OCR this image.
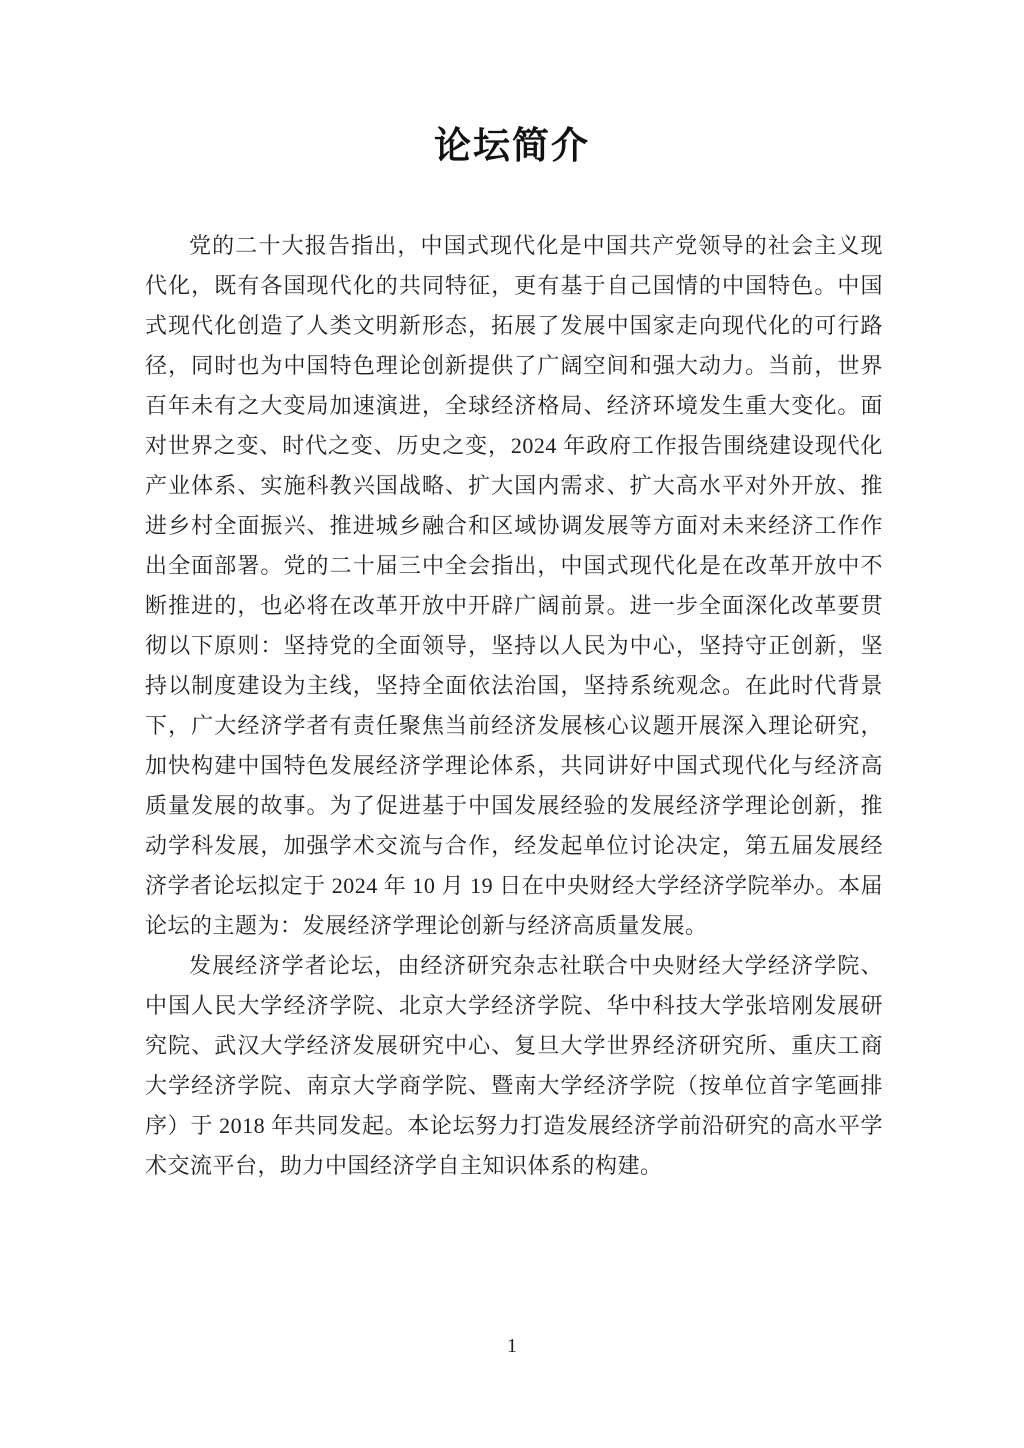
论坛简介

党的二十大报告指出，中国式现代化是中国共产党领导的社会主义现代化，既有各国现代化的共同特征，更有基于自己国情的中国特色。中国式现代化创造了人类文明新形态，拓展了发展中国家走向现代化的可行路径，同时也为中国特色理论创新提供了广阔空间和强大动力。当前，世界百年未有之大变局加速演进，全球经济格局、经济环境发生重大变化。面对世界之变、时代之变、历史之变，2024 年政府工作报告围绕建设现代化产业体系、实施科教兴国战略、扩大国内需求、扩大高水平对外开放、推进乡村全面振兴、推进城乡融合和区域协调发展等方面对未来经济工作作出全面部署。党的二十届三中全会指出，中国式现代化是在改革开放中不断推进的，也必将在改革开放中开辟广阔前景。进一步全面深化改革要贯彻以下原则：坚持党的全面领导，坚持以人民为中心，坚持守正创新，坚持以制度建设为主线，坚持全面依法治国，坚持系统观念。在此时代背景下，广大经济学者有责任聚焦当前经济发展核心议题开展深入理论研究，加快构建中国特色发展经济学理论体系，共同讲好中国式现代化与经济高质量发展的故事。为了促进基于中国发展经验的发展经济学理论创新，推动学科发展，加强学术交流与合作，经发起单位讨论决定，第五届发展经济学者论坛拟定于 2024 年 10 月 19 日在中央财经大学经济学院举办。本届论坛的主题为：发展经济学理论创新与经济高质量发展。

发展经济学者论坛，由经济研究杂志社联合中央财经大学经济学院、中国人民大学经济学院、北京大学经济学院、华中科技大学张培刚发展研究院、武汉大学经济发展研究中心、复旦大学世界经济研究所、重庆工商大学经济学院、南京大学商学院、暨南大学经济学院（按单位首字笔画排序）于 2018 年共同发起。本论坛努力打造发展经济学前沿研究的高水平学术交流平台，助力中国经济学自主知识体系的构建。

1
